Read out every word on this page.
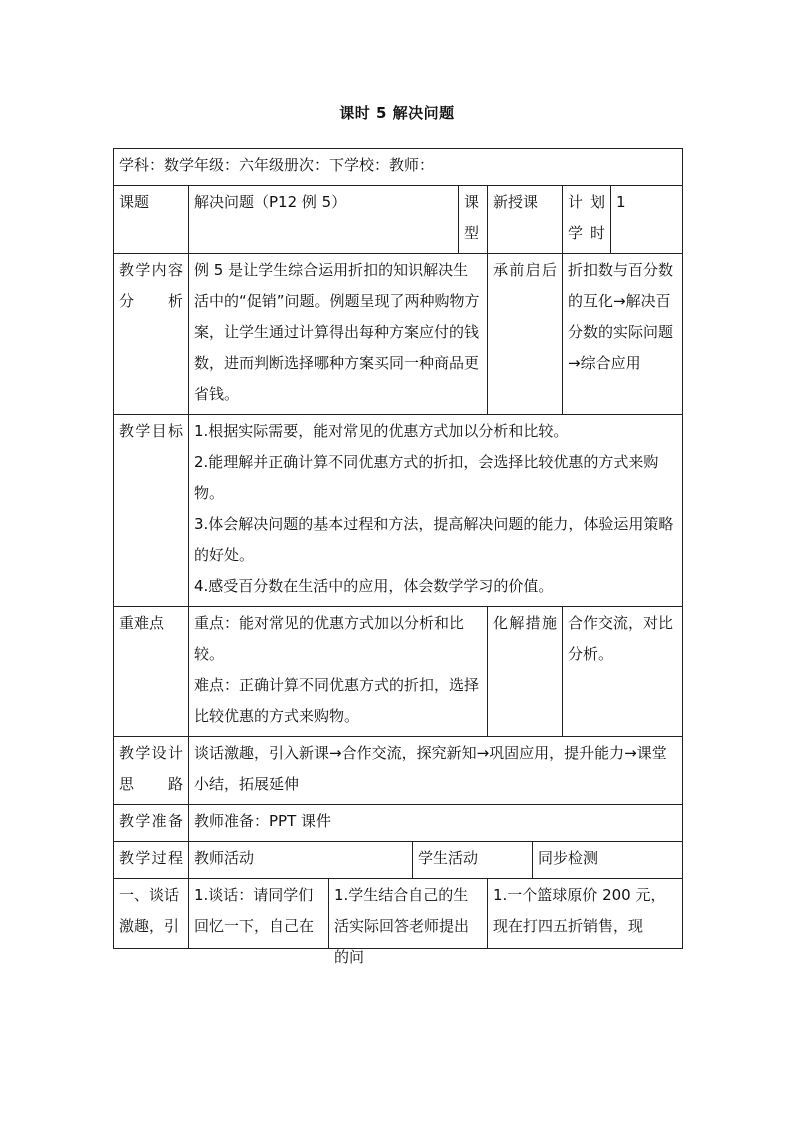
课时 5 解决问题
学科：数学年级：六年级册次：下学校：教师：								
课题	解决问题（P12 例 5）			课型	新授课		计划学时	1
教学内容分析	例 5 是让学生综合运用折扣的知识解决生活中的“促销”问题。例题呈现了两种购物方案，让学生通过计算得出每种方案应付的钱数，进而判断选择哪种方案买同一种商品更省钱。				承前启后		折扣数与百分数的互化→解决百分数的实际问题→综合应用	
教学目标	1.根据实际需要，能对常见的优惠方式加以分析和比较。

2.能理解并正确计算不同优惠方式的折扣，会选择比较优惠的方式来购物。

3.体会解决问题的基本过程和方法，提高解决问题的能力，体验运用策略的好处。

4.感受百分数在生活中的应用，体会数学学习的价值。							

重难点	重点：能对常见的优惠方式加以分析和比较。

难点：正确计算不同优惠方式的折扣，选择比较优惠的方式来购物。				化解措施		合作交流，对比分析。	
教学设计思路	谈话激趣，引入新课→合作交流，探究新知→巩固应用，提升能力→课堂小结，拓展延伸							
教学准备	教师准备：PPT 课件							
教学过程	教师活动		学生活动			同步检测		

一、谈话激趣，引	1.谈话：请同学们回忆一下，自己在	1.学生结合自己的生活实际回答老师提出的问			1.一个篮球原价 200 元，现在打四五折销售，现			
